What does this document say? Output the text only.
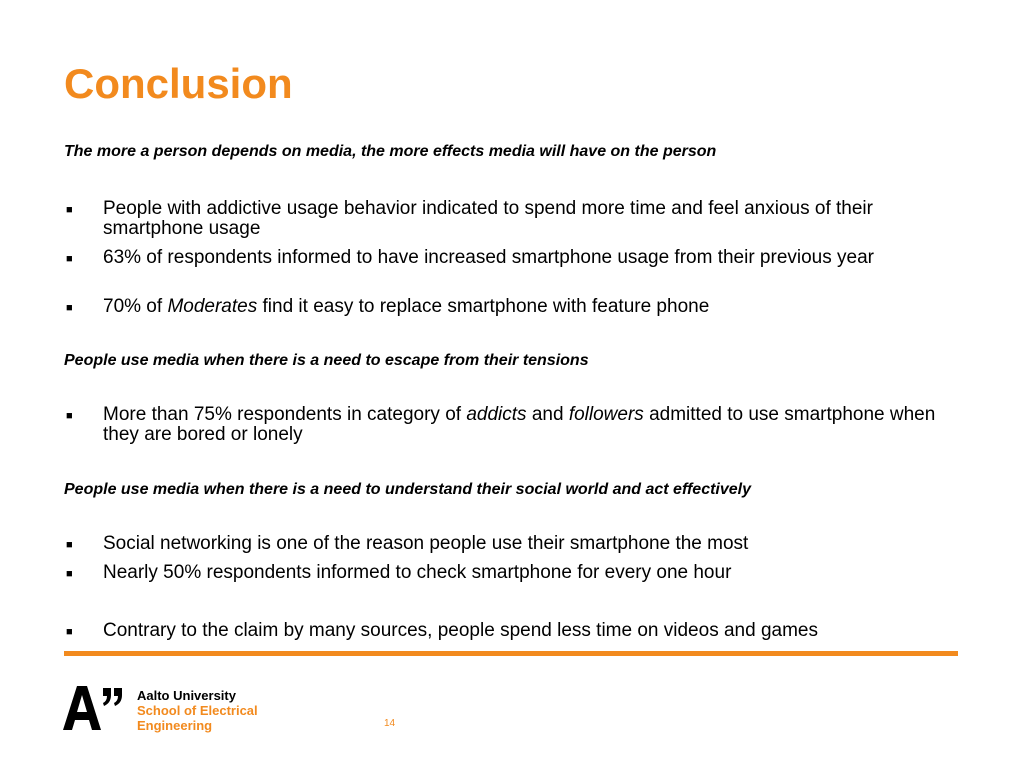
Conclusion

The more a person depends on media, the more effects media will have on the person

■	People with addictive usage behavior indicated to spend more time and feel anxious of their smartphone usage
■	63% of respondents informed to have increased smartphone usage from their previous year
■	70% of Moderates find it easy to replace smartphone with feature phone

People use media when there is a need to escape from their tensions

■	More than 75% respondents in category of addicts and followers admitted to use smartphone when they are bored or lonely

People use media when there is a need to understand their social world and act effectively

■	Social networking is one of the reason people use their smartphone the most
■	Nearly 50% respondents informed to check smartphone for every one hour
■	Contrary to the claim by many sources, people spend less time on videos and games
Aalto University
School of Electrical
Engineering	14
